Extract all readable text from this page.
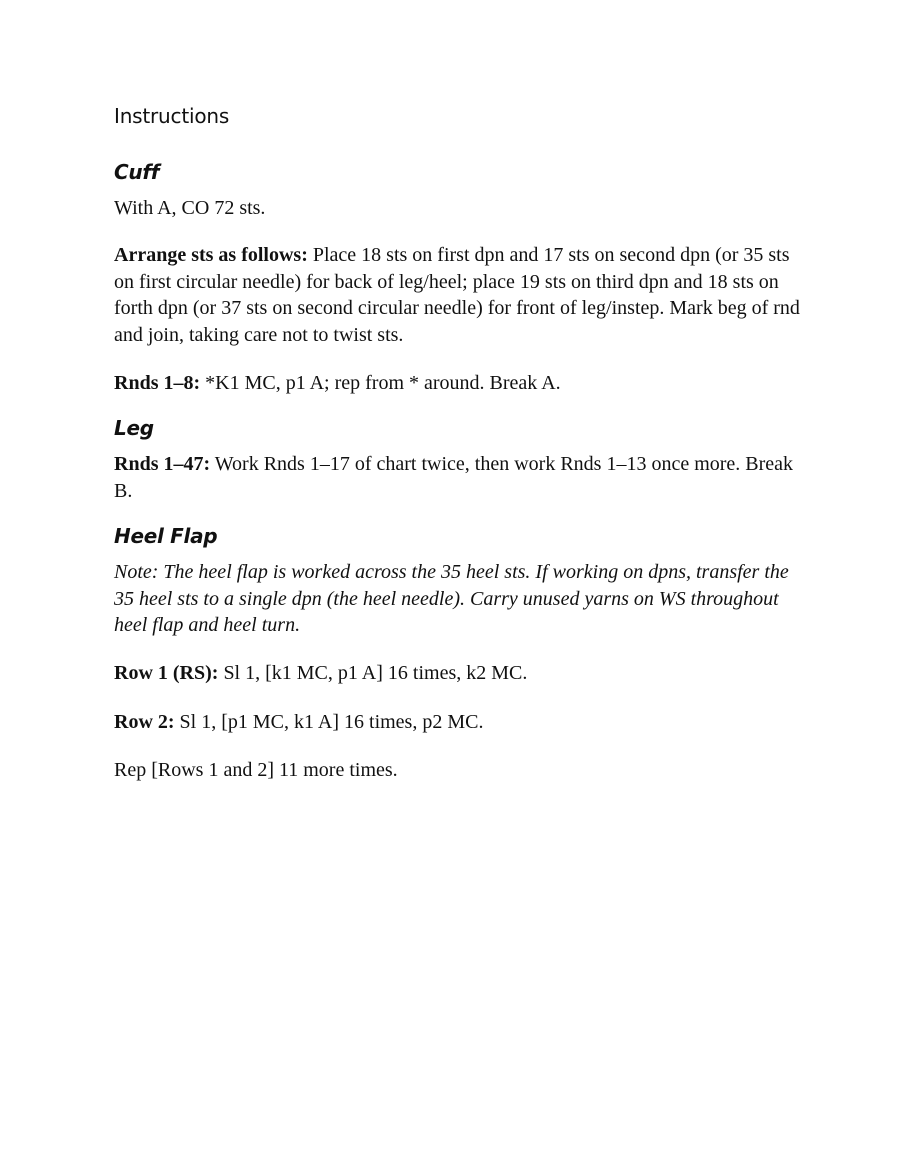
Instructions
Cuff

With A, CO 72 sts.

Arrange sts as follows: Place 18 sts on first dpn and 17 sts on second dpn (or 35 sts on first circular needle) for back of leg/heel; place 19 sts on third dpn and 18 sts on forth dpn (or 37 sts on second circular needle) for front of leg/instep. Mark beg of rnd and join, taking care not to twist sts.

Rnds 1–8: *K1 MC, p1 A; rep from * around. Break A.

Leg

Rnds 1–47: Work Rnds 1–17 of chart twice, then work Rnds 1–13 once more. Break B.

Heel Flap

Note: The heel flap is worked across the 35 heel sts. If working on dpns, transfer the 35 heel sts to a single dpn (the heel needle). Carry unused yarns on WS throughout heel flap and heel turn.

Row 1 (RS): Sl 1, [k1 MC, p1 A] 16 times, k2 MC.

Row 2: Sl 1, [p1 MC, k1 A] 16 times, p2 MC.

Rep [Rows 1 and 2] 11 more times.
